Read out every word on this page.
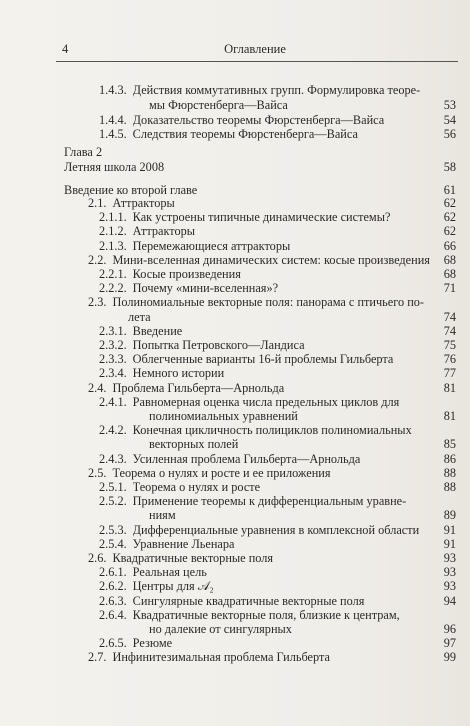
4	Оглавление
1.4.3. Действия коммутативных групп. Формулировка теоре-
мы Фюрстенберга—Вайса	53
1.4.4. Доказательство теоремы Фюрстенберга—Вайса	54
1.4.5. Следствия теоремы Фюрстенберга—Вайса	56
Глава 2
Летняя школа 2008	58
Введение ко второй главе	61
2.1. Аттракторы	62
2.1.1. Как устроены типичные динамические системы?	62
2.1.2. Аттракторы	62
2.1.3. Перемежающиеся аттракторы	66
2.2. Мини-вселенная динамических систем: косые произведения	68
2.2.1. Косые произведения	68
2.2.2. Почему «мини-вселенная»?	71
2.3. Полиномиальные векторные поля: панорама с птичьего по-
лета	74
2.3.1. Введение	74
2.3.2. Попытка Петровского—Ландиса	75
2.3.3. Облегченные варианты 16-й проблемы Гильберта	76
2.3.4. Немного истории	77
2.4. Проблема Гильберта—Арнольда	81
2.4.1. Равномерная оценка числа предельных циклов для
полиномиальных уравнений	81
2.4.2. Конечная цикличность полициклов полиномиальных
векторных полей	85
2.4.3. Усиленная проблема Гильберта—Арнольда	86
2.5. Теорема о нулях и росте и ее приложения	88
2.5.1. Теорема о нулях и росте	88
2.5.2. Применение теоремы к дифференциальным уравне-
ниям	89
2.5.3. Дифференциальные уравнения в комплексной области	91
2.5.4. Уравнение Льенара	91
2.6. Квадратичные векторные поля	93
2.6.1. Реальная цель	93
2.6.2. Центры для 𝒜₂	93
2.6.3. Сингулярные квадратичные векторные поля	94
2.6.4. Квадратичные векторные поля, близкие к центрам,
но далекие от сингулярных	96
2.6.5. Резюме	97
2.7. Инфинитезимальная проблема Гильберта	99
